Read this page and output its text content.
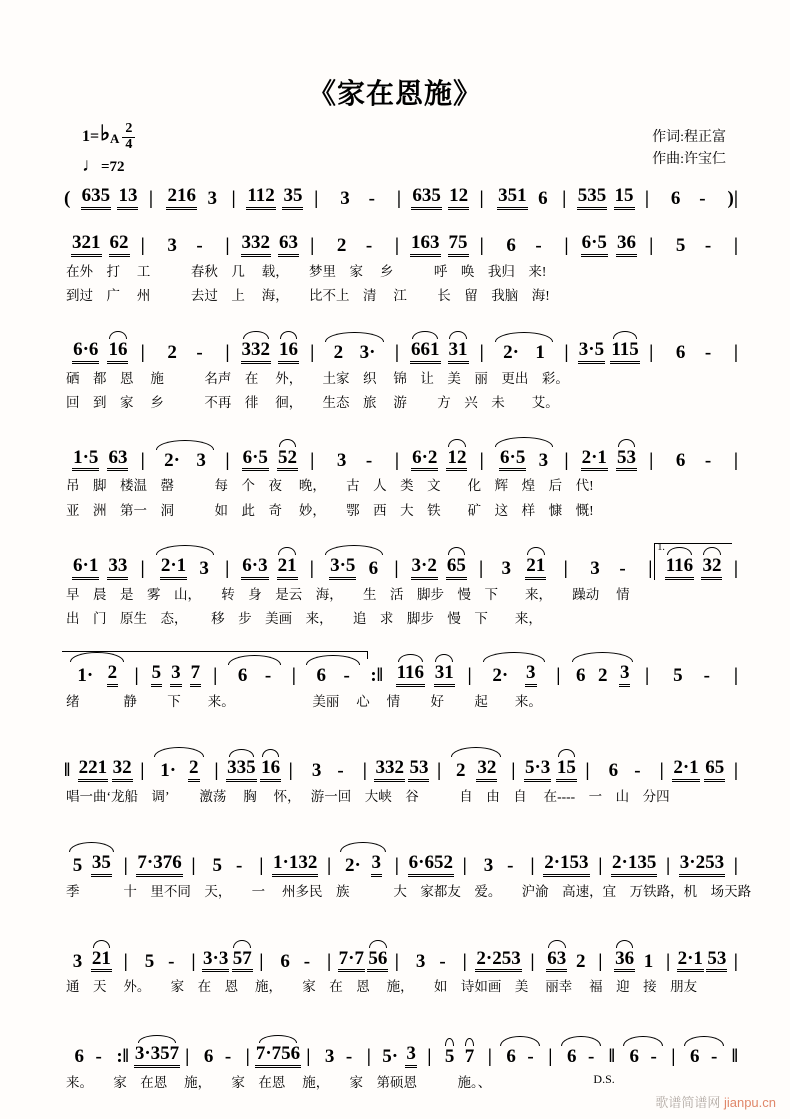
《家在恩施》
1= ♭ A $\frac{2}{4}$
♩=72
作词:程正富
作曲:许宝仁
( 635 13 | 216 3 | 112 35 | 3 - | 635 12 | 351 6 | 535 15 | 6 - )|
321 62 | 3 - | 332 63 | 2 - | 163 75 | 6 - | 6·5 36 | 5 - |
在外　打　 工　　　春秋　几　 载，　　梦里　家　 乡　　　呼　唤　我归　来!
到过　广　 州　　　去过　上　 海，　　比不上　清　 江　　 长　留　我脑　海!
6·6 16 | 2 - | 332 16 | 2 3· | 661 31 | 2· 1 | 3·5 115 | 6 - |
硒　都　恩　 施　　　名声　在　 外，　　土家　织　 锦　让　美　丽　更出　彩。
回　到　家　 乡　　　不再　徘　 徊，　　生态　旅　 游　　 方　兴　未　　艾。
1·5 63 | 2· 3 | 6·5 52 | 3 - | 6·2 12 | 6·5 3 | 2·1 53 | 6 - |
吊　脚　楼温　罄　　　每　个　夜　 晚，　　古　人　类　文　　化　辉　煌　后　代!
亚　洲　第一　洞　　　如　此　奇　 妙，　　鄂　西　大　铁　　矿　这　样　慷　慨!
6·1 33 | 2·1 3 | 6·3 21 | 3·5 6 | 3·2 65 | 3 21 | 3 - |
1.
116 32 |
早　晨　是　雾　山，　　转　身　是云　海，　　生　活　脚步　慢　下　　来，　　躁动　 情
出　门　原生　态，　　 移　步　美画　来，　　追　求　脚步　慢　下　　来，
1· 2 | 5 3 7 | 6 - | 6 - :‖ 116 31 | 2· 3 | 6 2 3 | 5 - |
绪　　　 静　　 下　　来。　　　　　　 美丽　 心　 情　　 好　　 起　　来。
‖ 221 32 | 1· 2 | 335 16 | 3 - | 332 53 | 2 32 | 5·3 15 | 6 - | 2·1 65 |
唱一曲‘龙船　调’　　 激荡　 胸　 怀，　 游一回　大峡　谷　　　自　由　自　 在----　一　山　分四
5 35 | 7·376 | 5 - | 1·132 | 2· 3 | 6·652 | 3 - | 2·153 | 2·135 | 3·253 |
季　　　 十　里不同　天，　　一　 州多民　族　　　 大　家都友　爱。　　沪渝　高速，宜　万铁路，机　场天路
3 21 | 5 - | 3·3 57 | 6 - | 7·7 56 | 3 - | 2·253 | 63 2 | 36 1 | 2·1 53 |
通　天　 外。　　家　在　恩　 施，　　家　在　恩　 施，　　如　诗如画　美　 丽幸　 福　迎　接　朋友
6 - :‖ 3·357 | 6 - | 7·756 | 3 - | 5· 3 | 5 7 | 6 - | 6 -
D.S.
‖ 6 - | 6 - ‖
来。　　家　在恩　 施，　　家　在恩　 施，　　家　第硕恩　　　施。、
歌谱简谱网 jianpu.cn
